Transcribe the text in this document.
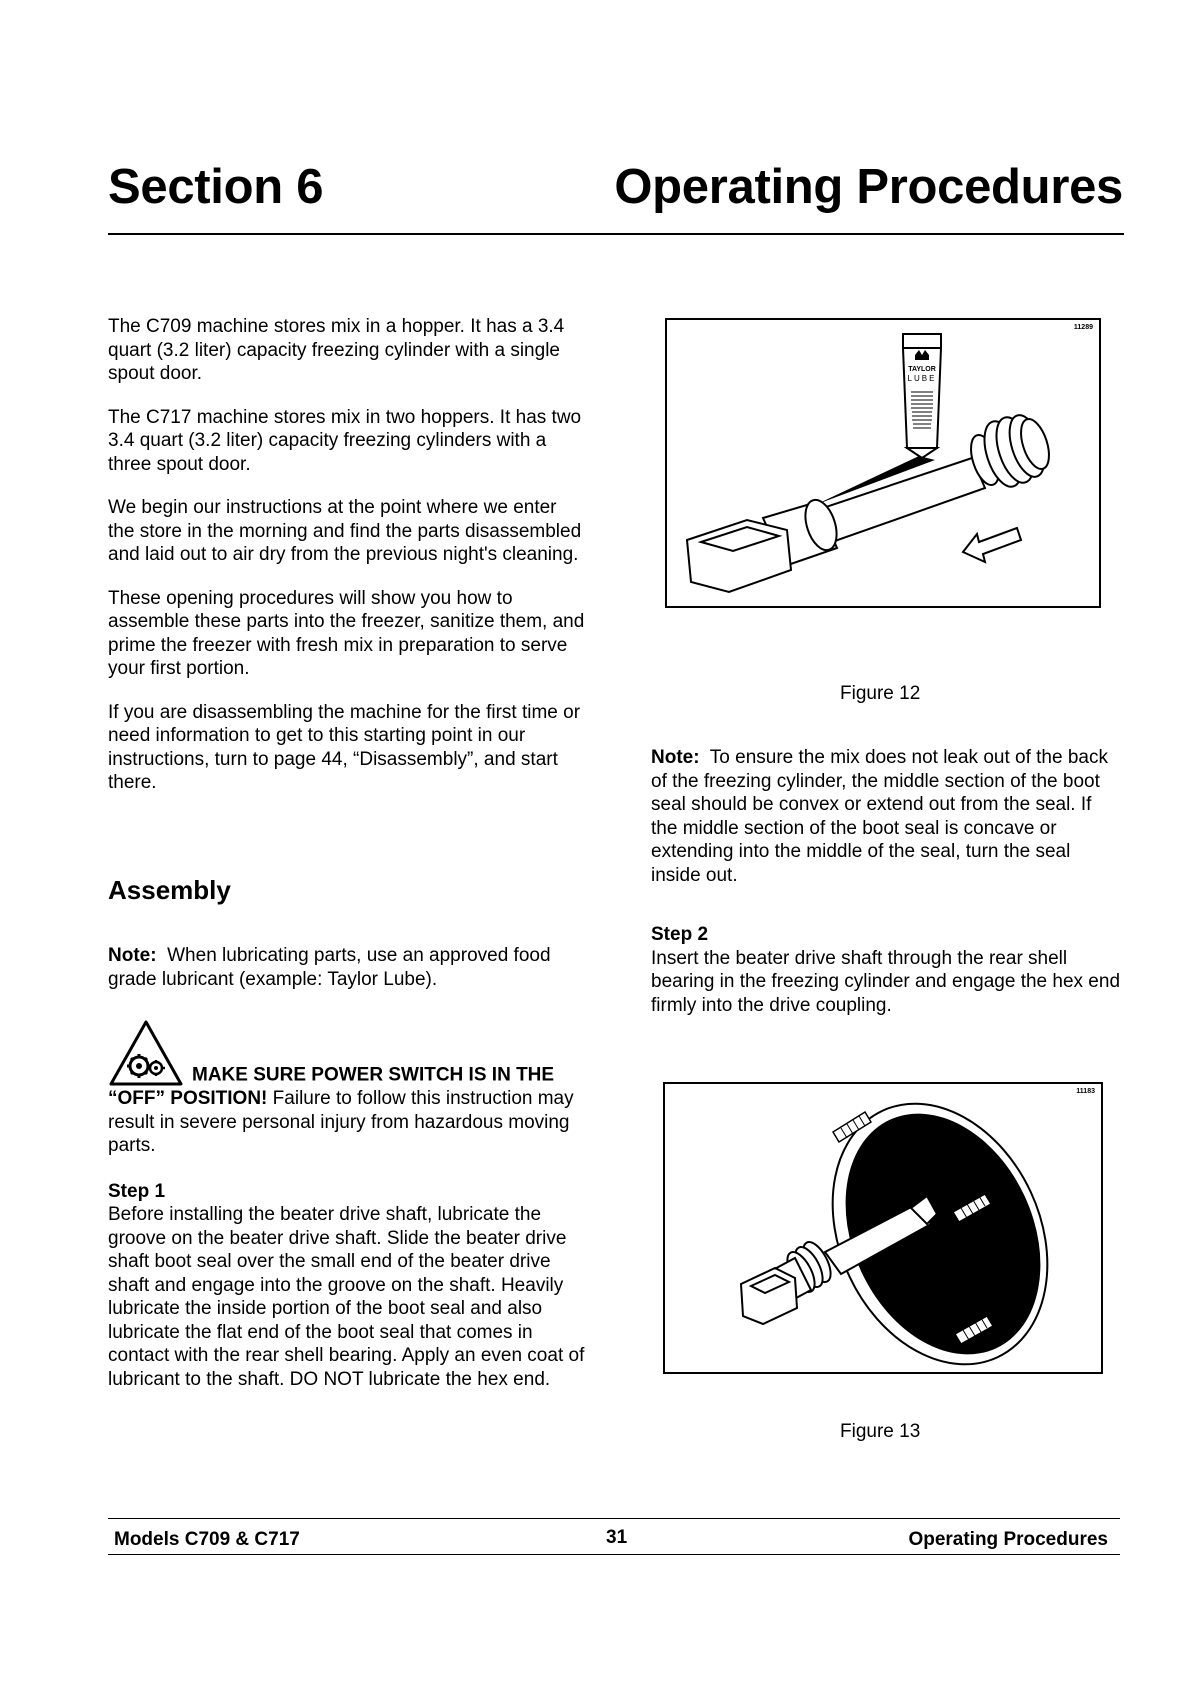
Section 6	Operating Procedures

The C709 machine stores mix in a hopper. It has a 3.4 quart (3.2 liter) capacity freezing cylinder with a single spout door.

The C717 machine stores mix in two hoppers. It has two 3.4 quart (3.2 liter) capacity freezing cylinders with a three spout door.

We begin our instructions at the point where we enter the store in the morning and find the parts disassembled and laid out to air dry from the previous night's cleaning.

These opening procedures will show you how to assemble these parts into the freezer, sanitize them, and prime the freezer with fresh mix in preparation to serve your first portion.

If you are disassembling the machine for the first time or need information to get to this starting point in our instructions, turn to page 44, “Disassembly”, and start there.

Assembly

Note: When lubricating parts, use an approved food grade lubricant (example: Taylor Lube).

MAKE SURE POWER SWITCH IS IN THE “OFF” POSITION! Failure to follow this instruction may result in severe personal injury from hazardous moving parts.

Step 1

Before installing the beater drive shaft, lubricate the groove on the beater drive shaft. Slide the beater drive shaft boot seal over the small end of the beater drive shaft and engage into the groove on the shaft. Heavily lubricate the inside portion of the boot seal and also lubricate the flat end of the boot seal that comes in contact with the rear shell bearing. Apply an even coat of lubricant to the shaft. DO NOT lubricate the hex end.

11289
TAYLOR
LUBE
Figure 12

Note: To ensure the mix does not leak out of the back of the freezing cylinder, the middle section of the boot seal should be convex or extend out from the seal. If the middle section of the boot seal is concave or extending into the middle of the seal, turn the seal inside out.

Step 2

Insert the beater drive shaft through the rear shell bearing in the freezing cylinder and engage the hex end firmly into the drive coupling.

11183
Figure 13
Models C709 & C717	31	Operating Procedures
